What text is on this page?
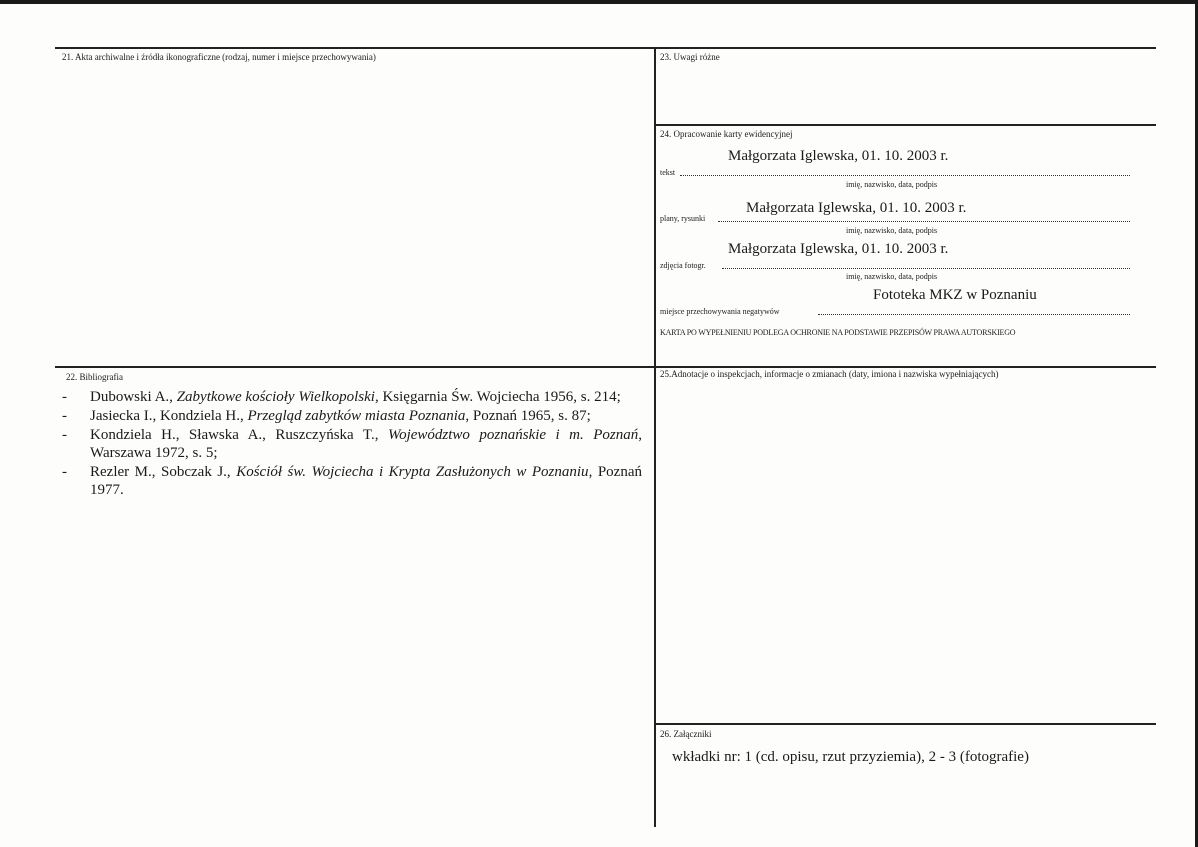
21. Akta archiwalne i źródła ikonograficzne (rodzaj, numer i miejsce przechowywania)	23. Uwagi różne
24. Opracowanie karty ewidencyjnej
Małgorzata Iglewska, 01. 10. 2003 r.
tekst
imię, nazwisko, data, podpis
Małgorzata Iglewska, 01. 10. 2003 r.
plany, rysunki
imię, nazwisko, data, podpis
Małgorzata Iglewska, 01. 10. 2003 r.
zdjęcia fotogr.
imię, nazwisko, data, podpis
Fototeka MKZ w Poznaniu
miejsce przechowywania negatywów
KARTA PO WYPEŁNIENIU PODLEGA OCHRONIE NA PODSTAWIE PRZEPISÓW PRAWA AUTORSKIEGO
22. Bibliografia
- Dubowski A., Zabytkowe kościoły Wielkopolski, Księgarnia Św. Wojciecha 1956, s. 214;
- Jasiecka I., Kondziela H., Przegląd zabytków miasta Poznania, Poznań 1965, s. 87;
- Kondziela H., Sławska A., Ruszczyńska T., Województwo poznańskie i m. Poznań, Warszawa 1972, s. 5;
- Rezler M., Sobczak J., Kościół św. Wojciecha i Krypta Zasłużonych w Poznaniu, Poznań 1977.
25.Adnotacje o inspekcjach, informacje o zmianach (daty, imiona i nazwiska wypełniających)
26. Załączniki
wkładki nr: 1 (cd. opisu, rzut przyziemia), 2 - 3 (fotografie)
